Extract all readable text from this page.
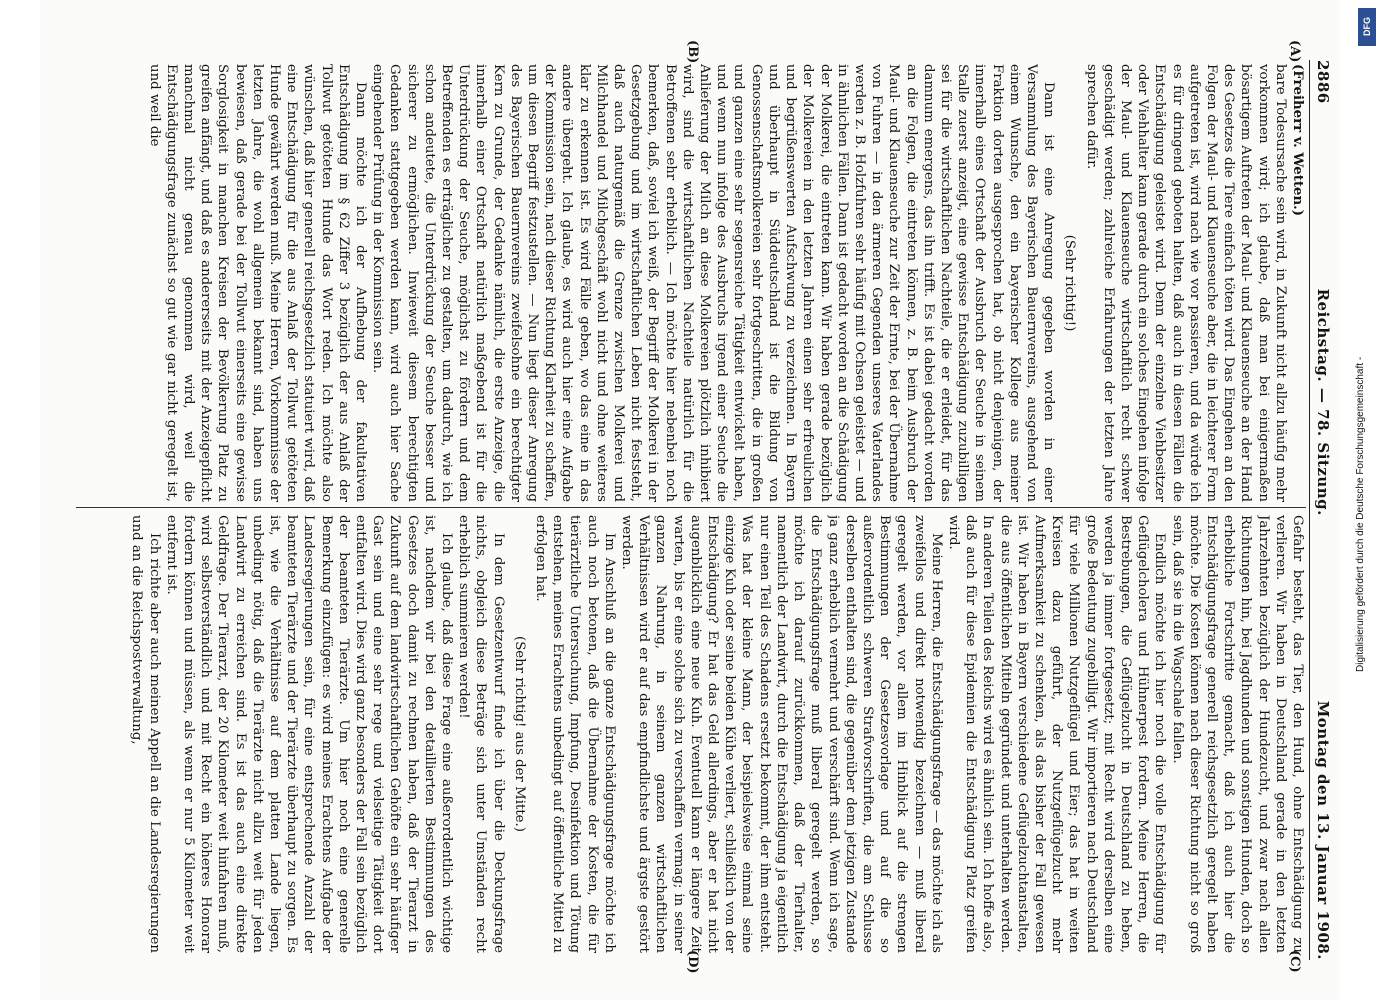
2886
Reichstag. — 78. Sitzung.
Montag den 13. Januar 1908.
(A)
(B)
(C)
(D)

(Freiherr v. Wetten.)

bare Todesursache sein wird, in Zukunft nicht allzu häufig mehr vorkommen wird; ich glaube, daß man bei einigermaßen bösartigem Auftreten der Maul- und Klauenseuche an der Hand des Gesetzes die Tiere einfach töten wird. Das Eingehen an den Folgen der Maul- und Klauenseuche aber, die in leichterer Form aufgetreten ist, wird nach wie vor passieren, und da würde ich es für dringend geboten halten, daß auch in diesen Fällen die Entschädigung geleistet wird. Denn der einzelne Viehbesitzer oder Viehhalter kann gerade durch ein solches Eingehen infolge der Maul- und Klauenseuche wirtschaftlich recht schwer geschädigt werden; zahlreiche Erfahrungen der letzten Jahre sprechen dafür.

(Sehr richtig!)

Dann ist eine Anregung gegeben worden in einer Versammlung des Bayerischen Bauernvereins, ausgehend von einem Wunsche, den ein bayerischer Kollege aus meiner Fraktion dorten ausgesprochen hat, ob nicht denjenigen, der innerhalb eines Ortschaft der Ausbruch der Seuche in seinem Stalle zuerst anzeigt, eine gewisse Entschädigung zuzubilligen sei für die wirtschaftlichen Nachteile, die er erleidet, für das damnum emergens, das ihn trifft. Es ist dabei gedacht worden an die Folgen, die eintreten können, z. B. beim Ausbruch der Maul- und Klauenseuche zur Zeit der Ernte, bei der Übernahme von Fuhren — in den ärmeren Gegenden unseres Vaterlandes werden z. B. Holzfuhren sehr häufig mit Ochsen geleistet — und in ähnlichen Fällen. Dann ist gedacht worden an die Schädigung der Molkerei, die eintreten kann. Wir haben gerade bezüglich der Molkereien in den letzten Jahren einen sehr erfreulichen und begrüßenswerten Aufschwung zu verzeichnen. In Bayern und überhaupt in Süddeutschland ist die Bildung von Genossenschaftsmolkereien sehr fortgeschritten, die in großen und ganzen eine sehr segensreiche Tätigkeit entwickelt haben, und wenn nun infolge des Ausbruchs irgend einer Seuche die Anlieferung der Milch an diese Molkereien plötzlich inhibiert wird, sind die wirtschaftlichen Nachteile natürlich für die Betroffenen sehr erheblich. — Ich möchte hier nebenbei noch bemerken, daß, soviel ich weiß, der Begriff der Molkerei in der Gesetzgebung und im wirtschaftlichen Leben nicht feststeht, daß auch naturgemäß die Grenze zwischen Molkerei und Milchhandel und Milchgeschäft wohl nicht und ohne weiteres klar zu erkennen ist. Es wird Fälle geben, wo das eine in das andere übergeht. Ich glaube, es wird auch hier eine Aufgabe der Kommission sein, nach dieser Richtung Klarheit zu schaffen, um diesen Begriff festzustellen. — Nun liegt dieser Anregung des Bayerischen Bauernvereins zweifelsohne ein berechtigter Kern zu Grunde, der Gedanke nämlich, die erste Anzeige, die innerhalb einer Ortschaft natürlich maßgebend ist für die Unterdrückung der Seuche, möglichst zu fördern und dem Betreffenden es erträglicher zu gestalten, um dadurch, wie ich schon andeutete, die Unterdrückung der Seuche besser und sicherer zu ermöglichen. Inwieweit diesem berechtigten Gedanken stattgegeben werden kann, wird auch hier Sache eingehender Prüfung in der Kommission sein.

Dann möchte ich der Aufhebung der fakultativen Entschädigung im § 62 Ziffer 3 bezüglich der aus Anlaß der Tollwut getöteten Hunde das Wort reden. Ich möchte also wünschen, daß hier generell reichsgesetzlich statuiert wird, daß eine Entschädigung für die aus Anlaß der Tollwut getöteten Hunde gewährt werden muß. Meine Herren, Vorkommnisse der letzten Jahre, die wohl allgemein bekannt sind, haben uns bewiesen, daß gerade bei der Tollwut einerseits eine gewisse Sorglosigkeit in manchen Kreisen der Bevölkerung Platz zu greifen anfängt, und daß es andererseits mit der Anzeigepflicht manchmal nicht genau genommen wird, weil die Entschädigungsfrage zunächst so gut wie gar nicht geregelt ist, und weil die

Gefahr besteht, das Tier, den Hund, ohne Entschädigung zu verlieren. Wir haben in Deutschland gerade in den letzten Jahrzehnten bezüglich der Hundezucht, und zwar nach allen Richtungen hin, bei Jagdhunden und sonstigen Hunden, doch so erhebliche Fortschritte gemacht, daß ich auch hier die Entschädigungsfrage generell reichsgesetzlich geregelt haben möchte. Die Kosten können nach dieser Richtung nicht so groß sein, daß sie in die Wagschale fallen.

Endlich möchte ich hier noch die volle Entschädigung für Geflügelcholera und Hühnerpest fordern. Meine Herren, die Bestrebungen, die Geflügelzucht in Deutschland zu heben, werden ja immer fortgesetzt; mit Recht wird derselben eine große Bedeutung zugebilligt. Wir importieren nach Deutschland für viele Millionen Nutzgeflügel und Eier; das hat in weiten Kreisen dazu geführt, der Nutzgeflügelzucht mehr Aufmerksamkeit zu schenken, als das bisher der Fall gewesen ist. Wir haben in Bayern verschiedene Geflügelzuchtanstalten, die aus öffentlichen Mitteln gegründet und unterhalten werden. In anderen Teilen des Reichs wird es ähnlich sein. Ich hoffe also, daß auch für diese Epidemien die Entschädigung Platz greifen wird.

Meine Herren, die Entschädigungsfrage — das möchte ich als zweifellos und direkt notwendig bezeichnen — muß liberal geregelt werden, vor allem im Hinblick auf die strengen Bestimmungen der Gesetzesvorlage und auf die so außerordentlich schweren Strafvorschriften, die am Schlusse derselben enthalten sind, die gegenüber dem jetzigen Zustande ja ganz erheblich vermehrt und verschärft sind. Wenn ich sage, die Entschädigungsfrage muß liberal geregelt werden, so möchte ich darauf zurückkommen, daß der Tierhalter, namentlich der Landwirt, durch die Entschädigung ja eigentlich nur einen Teil des Schadens ersetzt bekommt, der ihm entsteht. Was hat der kleine Mann, der beispielsweise einmal seine einzige Kuh oder seine beiden Kühe verliert, schließlich von der Entschädigung? Er hat das Geld allerdings, aber er hat nicht augenblicklich eine neue Kuh. Eventuell kann er längere Zeit warten, bis er eine solche sich zu verschaffen vermag; in seiner ganzen Nahrung, in seinem ganzen wirtschaftlichen Verhältnissen wird er auf das empfindlichste und ärgste gestört werden.

Im Anschluß an die ganze Entschädigungsfrage möchte ich auch noch betonen, daß die Übernahme der Kosten, die für tierärztliche Untersuchung, Impfung, Desinfektion und Tötung entstehen, meines Erachtens unbedingt auf öffentliche Mittel zu erfolgen hat.

(Sehr richtig! aus der Mitte.)

In dem Gesetzentwurf finde ich über die Deckungsfrage nichts, obgleich diese Beträge sich unter Umständen recht erheblich summieren werden!

Ich glaube, daß diese Frage eine außerordentlich wichtige ist, nachdem wir bei den detaillierten Bestimmungen des Gesetzes doch damit zu rechnen haben, daß der Tierarzt in Zukunft auf dem landwirtschaftlichen Gehöfte ein sehr häufiger Gast sein und eine sehr rege und vielseitige Tätigkeit dort entfalten wird. Dies wird ganz besonders der Fall sein bezüglich der beamteten Tierärzte. Um hier noch eine generelle Bemerkung einzufügen: es wird meines Erachtens Aufgabe der Landesregierungen sein, für eine entsprechende Anzahl der beamteten Tierärzte und der Tierärzte überhaupt zu sorgen. Es ist, wie die Verhältnisse auf dem platten Lande liegen, unbedingt nötig, daß die Tierärzte nicht allzu weit für jeden Landwirt zu erreichen sind. Es ist das auch eine direkte Geldfrage. Der Tierarzt, der 20 Kilometer weit hinfahren muß, wird selbstverständlich und mit Recht ein höheres Honorar fordern können und müssen, als wenn er nur 5 Kilometer weit entfernt ist.

Ich richte aber auch meinen Appell an die Landesregierungen und an die Reichspostverwaltung,

DFG
Digitalisierung gefördert durch die Deutsche Forschungsgemeinschaft -
